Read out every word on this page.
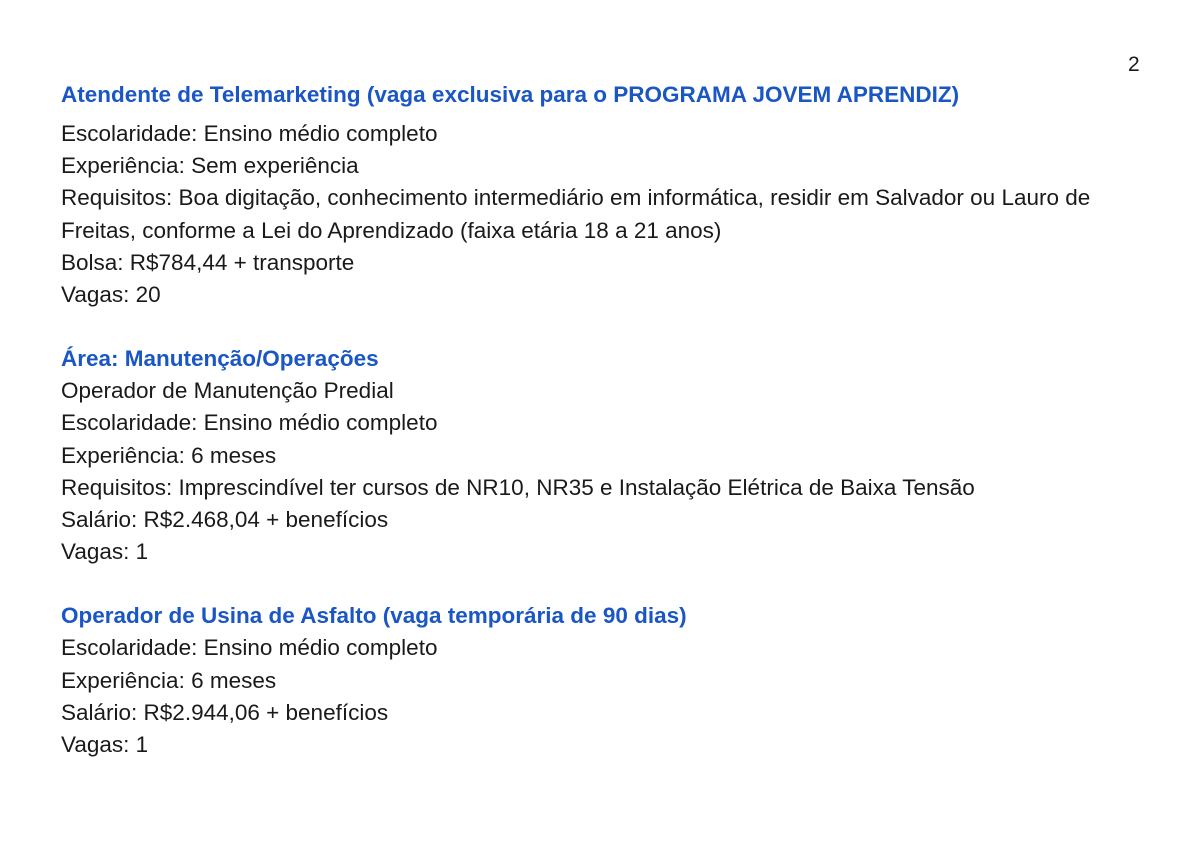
2

Atendente de Telemarketing (vaga exclusiva para o PROGRAMA JOVEM APRENDIZ)

Escolaridade: Ensino médio completo

Experiência: Sem experiência

Requisitos: Boa digitação, conhecimento intermediário em informática, residir em Salvador ou Lauro de Freitas, conforme a Lei do Aprendizado (faixa etária 18 a 21 anos)

Bolsa: R$784,44 + transporte

Vagas: 20

Área: Manutenção/Operações

Operador de Manutenção Predial

Escolaridade: Ensino médio completo

Experiência: 6 meses

Requisitos: Imprescindível ter cursos de NR10, NR35 e Instalação Elétrica de Baixa Tensão

Salário: R$2.468,04 + benefícios

Vagas: 1

Operador de Usina de Asfalto (vaga temporária de 90 dias)

Escolaridade: Ensino médio completo

Experiência: 6 meses

Salário: R$2.944,06 + benefícios

Vagas: 1
